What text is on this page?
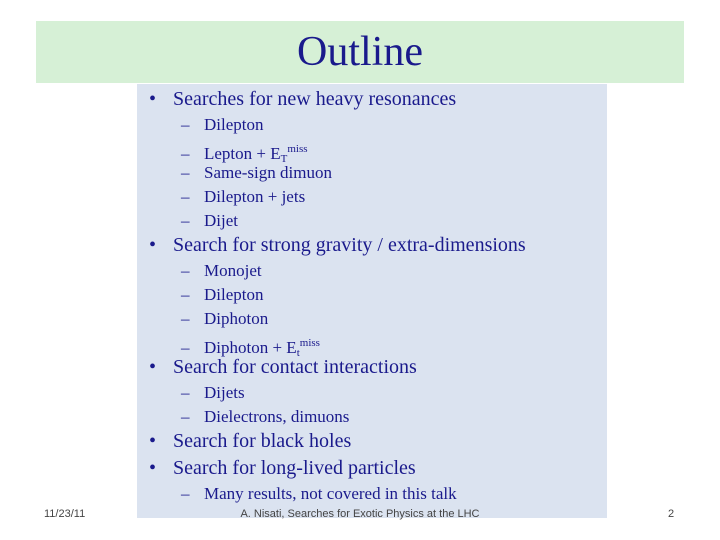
Outline
• Searches for new heavy resonances
– Dilepton
– Lepton + $E_T^{miss}$
– Same-sign dimuon
– Dilepton + jets
– Dijet
• Search for strong gravity / extra-dimensions
– Monojet
– Dilepton
– Diphoton
– Diphoton + $E_t^{miss}$
• Search for contact interactions
– Dijets
– Dielectrons, dimuons
• Search for black holes
• Search for long-lived particles
– Many results, not covered in this talk
11/23/11	A. Nisati, Searches for Exotic Physics at the LHC	2
